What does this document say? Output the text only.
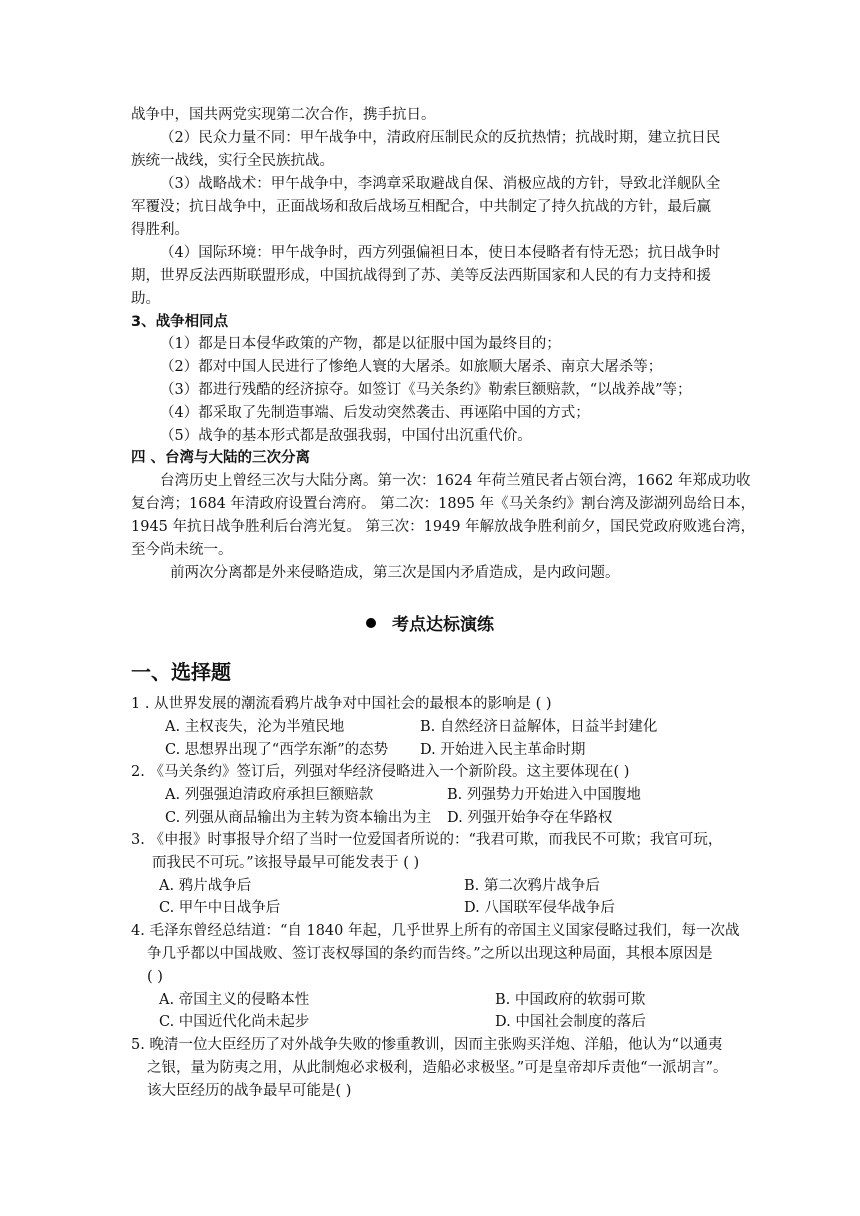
战争中，国共两党实现第二次合作，携手抗日。
（2）民众力量不同：甲午战争中，清政府压制民众的反抗热情；抗战时期，建立抗日民
族统一战线，实行全民族抗战。
（3）战略战术：甲午战争中，李鸿章采取避战自保、消极应战的方针，导致北洋舰队全
军覆没；抗日战争中，正面战场和敌后战场互相配合，中共制定了持久抗战的方针，最后赢
得胜利。
（4）国际环境：甲午战争时，西方列强偏袒日本，使日本侵略者有恃无恐；抗日战争时
期，世界反法西斯联盟形成，中国抗战得到了苏、美等反法西斯国家和人民的有力支持和援
助。
3、战争相同点
（1）都是日本侵华政策的产物，都是以征服中国为最终目的；
（2）都对中国人民进行了惨绝人寰的大屠杀。如旅顺大屠杀、南京大屠杀等；
（3）都进行残酷的经济掠夺。如签订《马关条约》勒索巨额赔款，“以战养战”等；
（4）都采取了先制造事端、后发动突然袭击、再诬陷中国的方式；
（5）战争的基本形式都是敌强我弱，中国付出沉重代价。
四 、台湾与大陆的三次分离
台湾历史上曾经三次与大陆分离。第一次：1624 年荷兰殖民者占领台湾，1662 年郑成功收
复台湾；1684 年清政府设置台湾府。 第二次：1895 年《马关条约》割台湾及澎湖列岛给日本，
1945 年抗日战争胜利后台湾光复。 第三次：1949 年解放战争胜利前夕，国民党政府败逃台湾，
至今尚未统一。
前两次分离都是外来侵略造成，第三次是国内矛盾造成，是内政问题。
考点达标演练
一、选择题
1 . 从世界发展的潮流看鸦片战争对中国社会的最根本的影响是 ( )
A. 主权丧失，沦为半殖民地	B. 自然经济日益解体，日益半封建化
C. 思想界出现了“西学东渐”的态势 D. 开始进入民主革命时期
2. 《马关条约》签订后，列强对华经济侵略进入一个新阶段。这主要体现在( )
A. 列强强迫清政府承担巨额赔款	B. 列强势力开始进入中国腹地
C. 列强从商品输出为主转为资本输出为主 D. 列强开始争夺在华路权
3. 《申报》时事报导介绍了当时一位爱国者所说的：“我君可欺，而我民不可欺；我官可玩，
而我民不可玩。”该报导最早可能发表于 ( )
A. 鸦片战争后	B. 第二次鸦片战争后
C. 甲午中日战争后	D. 八国联军侵华战争后
4. 毛泽东曾经总结道：“自 1840 年起，几乎世界上所有的帝国主义国家侵略过我们，每一次战
争几乎都以中国战败、签订丧权辱国的条约而告终。”之所以出现这种局面，其根本原因是
( )
A. 帝国主义的侵略本性	B. 中国政府的软弱可欺
C. 中国近代化尚未起步	D. 中国社会制度的落后
5. 晚清一位大臣经历了对外战争失败的惨重教训，因而主张购买洋炮、洋船，他认为“以通夷
之银，量为防夷之用，从此制炮必求极利，造船必求极坚。”可是皇帝却斥责他“一派胡言”。
该大臣经历的战争最早可能是( )
